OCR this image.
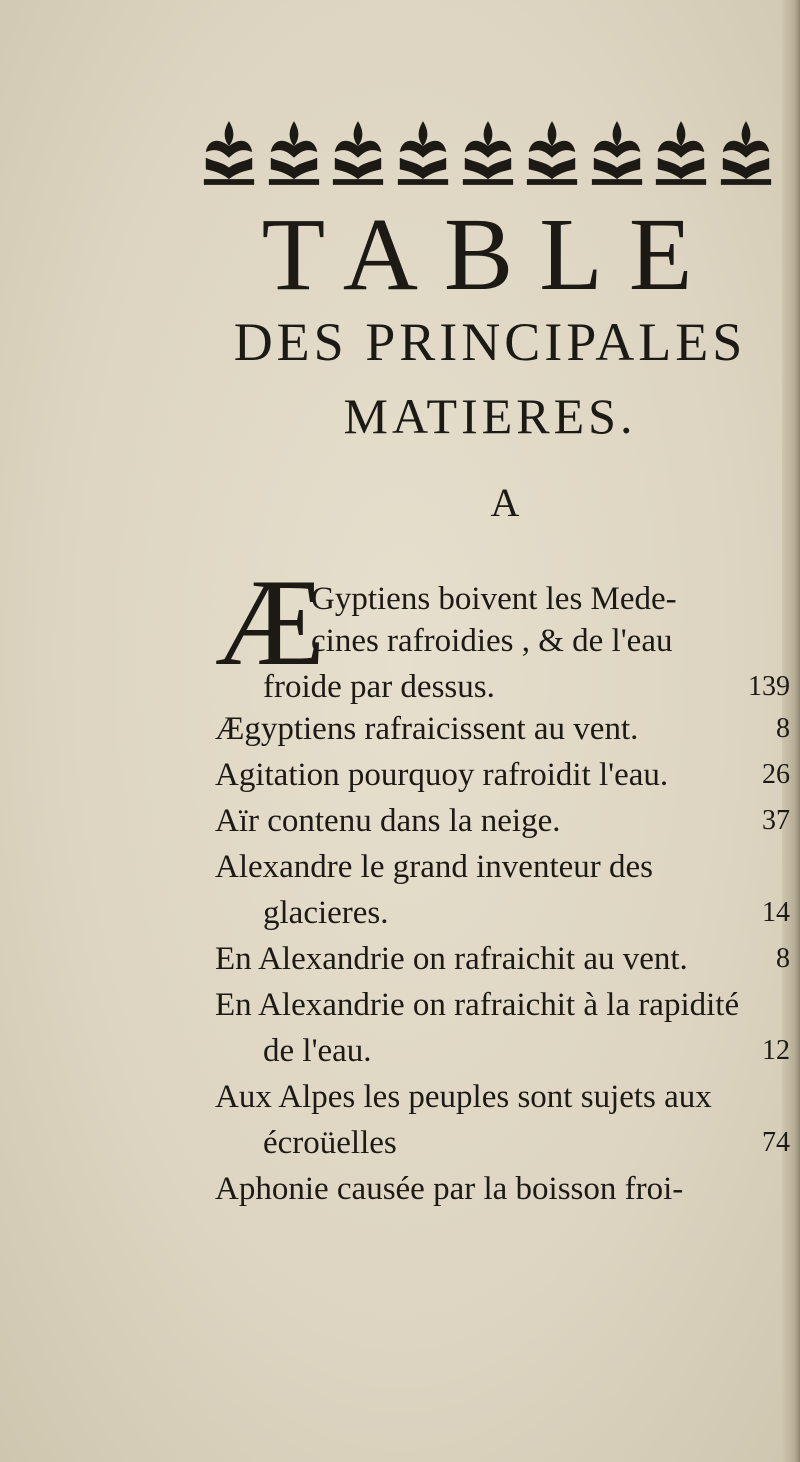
TABLE
DES PRINCIPALES
MATIERES.
A
Æ
Gyptiens boivent les Mede-
cines rafroidies , & de l'eau
froide par dessus.	139
Ægyptiens rafraicissent au vent.	8
Agitation pourquoy rafroidit l'eau.	26
Aïr contenu dans la neige.	37
Alexandre le grand inventeur des glacieres.	14
En Alexandrie on rafraichit au vent.	8
En Alexandrie on rafraichit à la rapidité de l'eau.	12
Aux Alpes les peuples sont sujets aux écroüelles	74
Aphonie causée par la boisson froi-
